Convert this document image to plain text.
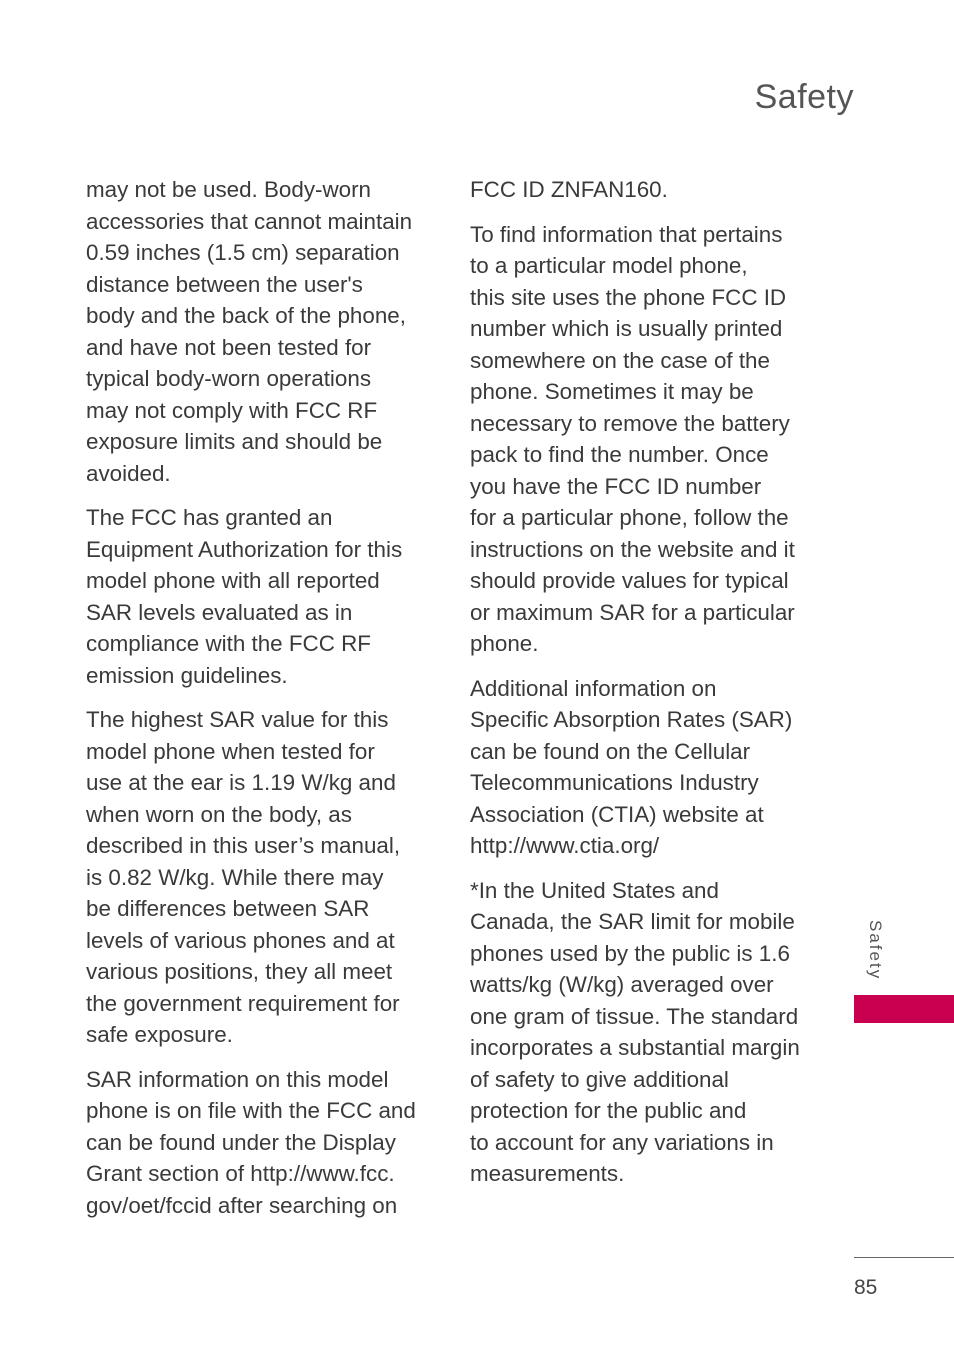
Safety

may not be used. Body-worn
accessories that cannot maintain
0.59 inches (1.5 cm) separation
distance between the user's
body and the back of the phone,
and have not been tested for
typical body-worn operations
may not comply with FCC RF
exposure limits and should be
avoided.

The FCC has granted an
Equipment Authorization for this
model phone with all reported
SAR levels evaluated as in
compliance with the FCC RF
emission guidelines.

The highest SAR value for this
model phone when tested for
use at the ear is 1.19 W/kg and
when worn on the body, as
described in this user’s manual,
is 0.82 W/kg. While there may
be differences between SAR
levels of various phones and at
various positions, they all meet
the government requirement for
safe exposure.

SAR information on this model
phone is on file with the FCC and
can be found under the Display
Grant section of http://www.fcc.
gov/oet/fccid after searching on

FCC ID ZNFAN160.

To find information that pertains
to a particular model phone,
this site uses the phone FCC ID
number which is usually printed
somewhere on the case of the
phone. Sometimes it may be
necessary to remove the battery
pack to find the number. Once
you have the FCC ID number
for a particular phone, follow the
instructions on the website and it
should provide values for typical
or maximum SAR for a particular
phone.

Additional information on
Specific Absorption Rates (SAR)
can be found on the Cellular
Telecommunications Industry
Association (CTIA) website at
http://www.ctia.org/

*In the United States and
Canada, the SAR limit for mobile
phones used by the public is 1.6
watts/kg (W/kg) averaged over
one gram of tissue. The standard
incorporates a substantial margin
of safety to give additional
protection for the public and
to account for any variations in
measurements.

Safety
85
